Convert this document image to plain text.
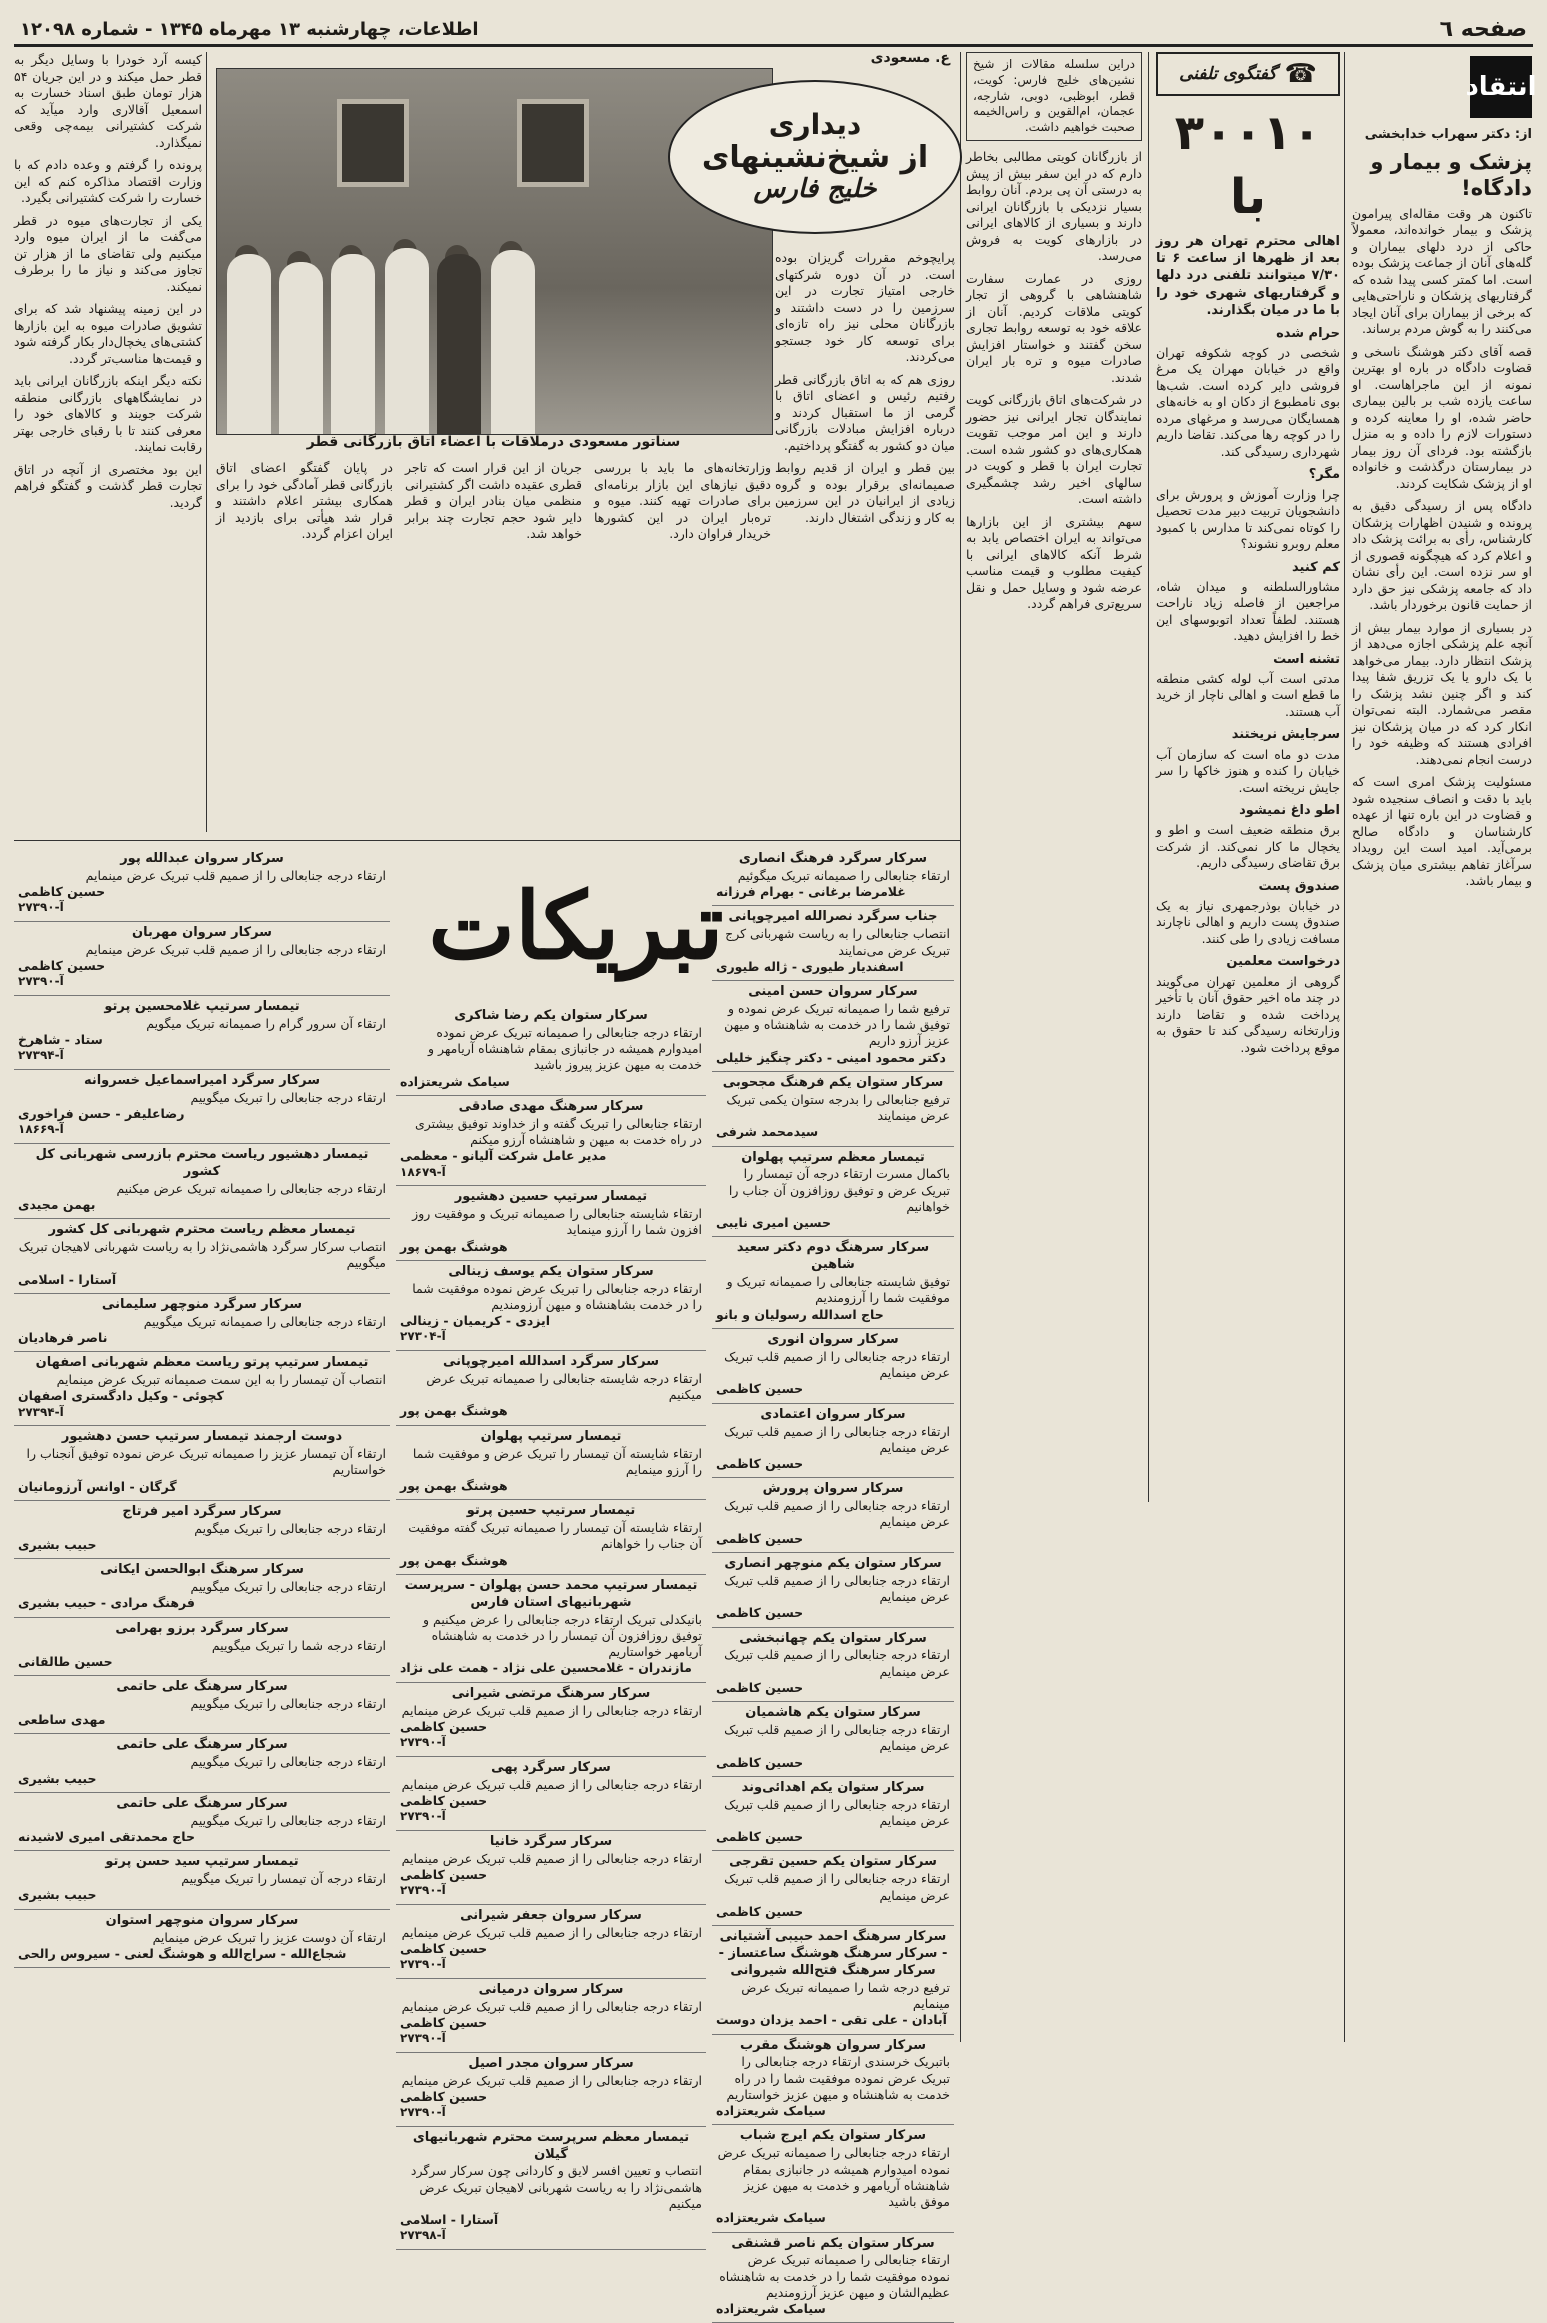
صفحه ٦
اطلاعات، چهارشنبه ۱۳ مهرماه ۱۳۴۵ - شماره ۱۲۰۹۸
انتقاد
از: دکتر سهراب خدابخشی
پزشک و بیمار و دادگاه!

تاکنون هر وقت مقاله‌ای پیرامون پزشک و بیمار خوانده‌اند، معمولاً حاکی از درد دلهای بیماران و گله‌های آنان از جماعت پزشک بوده است. اما کمتر کسی پیدا شده که گرفتاریهای پزشکان و ناراحتی‌هایی که برخی از بیماران برای آنان ایجاد می‌کنند را به گوش مردم برساند.

قصه آقای دکتر هوشنگ ناسخی و قضاوت دادگاه در باره او بهترین نمونه از این ماجراهاست. او ساعت یازده شب بر بالین بیماری حاضر شده، او را معاینه کرده و دستورات لازم را داده و به منزل بازگشته بود. فردای آن روز بیمار در بیمارستان درگذشت و خانواده او از پزشک شکایت کردند.

دادگاه پس از رسیدگی دقیق به پرونده و شنیدن اظهارات پزشکان کارشناس، رأی به برائت پزشک داد و اعلام کرد که هیچگونه قصوری از او سر نزده است. این رأی نشان داد که جامعه پزشکی نیز حق دارد از حمایت قانون برخوردار باشد.

در بسیاری از موارد بیمار بیش از آنچه علم پزشکی اجازه می‌دهد از پزشک انتظار دارد. بیمار می‌خواهد با یک دارو یا یک تزریق شفا پیدا کند و اگر چنین نشد پزشک را مقصر می‌شمارد. البته نمی‌توان انکار کرد که در میان پزشکان نیز افرادی هستند که وظیفه خود را درست انجام نمی‌دهند.

مسئولیت پزشک امری است که باید با دقت و انصاف سنجیده شود و قضاوت در این باره تنها از عهده کارشناسان و دادگاه صالح برمی‌آید. امید است این رویداد سرآغاز تفاهم بیشتری میان پزشک و بیمار باشد.

☎
گفتگوی تلفنی
۳۰۰۱۰ با

اهالی محترم تهران هر روز بعد از ظهرها از ساعت ۶ تا ۷/۳۰ میتوانند تلفنی درد دلها و گرفتاریهای شهری خود را با ما در میان بگذارند.

حرام شده

شخصی در کوچه شکوفه تهران واقع در خیابان مهران یک مرغ فروشی دایر کرده است. شب‌ها بوی نامطبوع از دکان او به خانه‌های همسایگان می‌رسد و مرغهای مرده را در کوچه رها می‌کند. تقاضا داریم شهرداری رسیدگی کند.

مگر؟

چرا وزارت آموزش و پرورش برای دانشجویان تربیت دبیر مدت تحصیل را کوتاه نمی‌کند تا مدارس با کمبود معلم روبرو نشوند؟

کم کنید

مشاورالسلطنه و میدان شاه، مراجعین از فاصله زیاد ناراحت هستند. لطفاً تعداد اتوبوسهای این خط را افزایش دهید.

تشنه است

مدتی است آب لوله کشی منطقه ما قطع است و اهالی ناچار از خرید آب هستند.

سرجایش نریختند

مدت دو ماه است که سازمان آب خیابان را کنده و هنوز خاکها را سر جایش نریخته است.

اطو داغ نمیشود

برق منطقه ضعیف است و اطو و یخچال ما کار نمی‌کند. از شرکت برق تقاضای رسیدگی داریم.

صندوق پست

در خیابان بوذرجمهری نیاز به یک صندوق پست داریم و اهالی ناچارند مسافت زیادی را طی کنند.

درخواست معلمین

گروهی از معلمین تهران می‌گویند در چند ماه اخیر حقوق آنان با تأخیر پرداخت شده و تقاضا دارند وزارتخانه رسیدگی کند تا حقوق به موقع پرداخت شود.

دراین سلسله مقالات از شیخ نشین‌های خلیج فارس: کویت، قطر، ابوظبی، دوبی، شارجه، عجمان، ام‌القوین و راس‌الخیمه صحبت خواهیم داشت.

از بازرگانان کویتی مطالبی بخاطر دارم که در این سفر بیش از پیش به درستی آن پی بردم. آنان روابط بسیار نزدیکی با بازرگانان ایرانی دارند و بسیاری از کالاهای ایرانی در بازارهای کویت به فروش می‌رسد.

روزی در عمارت سفارت شاهنشاهی با گروهی از تجار کویتی ملاقات کردیم. آنان از علاقه خود به توسعه روابط تجاری سخن گفتند و خواستار افزایش صادرات میوه و تره بار ایران شدند.

در شرکت‌های اتاق بازرگانی کویت نمایندگان تجار ایرانی نیز حضور دارند و این امر موجب تقویت همکاری‌های دو کشور شده است. تجارت ایران با قطر و کویت در سالهای اخیر رشد چشمگیری داشته است.

سهم بیشتری از این بازارها می‌تواند به ایران اختصاص یابد به شرط آنکه کالاهای ایرانی با کیفیت مطلوب و قیمت مناسب عرضه شود و وسایل حمل و نقل سریع‌تری فراهم گردد.

ع. مسعودی
دیداری
از شیخ‌نشینهای
خلیج فارس
سناتور مسعودی درملاقات با اعضاء اتاق بازرگانی قطر

پرایچوخم مقررات گریزان بوده است. در آن دوره شرکتهای خارجی امتیاز تجارت در این سرزمین را در دست داشتند و بازرگانان محلی نیز راه تازه‌ای برای توسعه کار خود جستجو می‌کردند.

روزی هم که به اتاق بازرگانی قطر رفتیم رئیس و اعضای اتاق با گرمی از ما استقبال کردند و درباره افزایش مبادلات بازرگانی میان دو کشور به گفتگو پرداختیم.

بین قطر و ایران از قدیم روابط صمیمانه‌ای برقرار بوده و گروه زیادی از ایرانیان در این سرزمین به کار و زندگی اشتغال دارند.

وزارتخانه‌های ما باید با بررسی دقیق نیازهای این بازار برنامه‌ای برای صادرات تهیه کنند. میوه و تره‌بار ایران در این کشورها خریدار فراوان دارد.

جریان از این قرار است که تاجر قطری عقیده داشت اگر کشتیرانی منظمی میان بنادر ایران و قطر دایر شود حجم تجارت چند برابر خواهد شد.

در پایان گفتگو اعضای اتاق بازرگانی قطر آمادگی خود را برای همکاری بیشتر اعلام داشتند و قرار شد هیأتی برای بازدید از ایران اعزام گردد.

کیسه آرد خودرا با وسایل دیگر به قطر حمل میکند و در این جریان ۵۴ هزار تومان طبق اسناد خسارت به اسمعیل آقالاری وارد میآید که شرکت کشتیرانی بیمه‌چی وقعی نمیگذارد.

پرونده را گرفتم و وعده دادم که با وزارت اقتصاد مذاکره کنم که این خسارت را شرکت کشتیرانی بگیرد.

یکی از تجارت‌های میوه در قطر می‌گفت ما از ایران میوه وارد میکنیم ولی تقاضای ما از هزار تن تجاوز می‌کند و نیاز ما را برطرف نمیکند.

در این زمینه پیشنهاد شد که برای تشویق صادرات میوه به این بازارها کشتی‌های یخچال‌دار بکار گرفته شود و قیمت‌ها مناسب‌تر گردد.

نکته دیگر اینکه بازرگانان ایرانی باید در نمایشگاههای بازرگانی منطقه شرکت جویند و کالاهای خود را معرفی کنند تا با رقبای خارجی بهتر رقابت نمایند.

این بود مختصری از آنچه در اتاق تجارت قطر گذشت و گفتگو فراهم گردید.

تبریکات
سرکار سرگرد فرهنگ انصاری
ارتقاء جنابعالی را صمیمانه تبریک میگوئیم
غلامرضا برغانی - بهرام فرزانه
جناب سرگرد نصرالله امیرچوپانی
انتصاب جنابعالی را به ریاست شهربانی کرج تبریک عرض می‌نمایند
اسفندیار طیوری - ژاله طیوری
سرکار سروان حسن امینی
ترفیع شما را صمیمانه تبریک عرض نموده و توفیق شما را در خدمت به شاهنشاه و میهن عزیز آرزو داریم
دکتر محمود امینی - دکتر چنگیز خلیلی
سرکار ستوان یکم فرهنگ مجحوبی
ترفیع جنابعالی را بدرجه ستوان یکمی تبریک عرض مینمایند
سیدمحمد شرفی
تیمسار معظم سرتیپ پهلوان
باکمال مسرت ارتقاء درجه آن تیمسار را تبریک عرض و توفیق روزافزون آن جناب را خواهانیم
حسین امیری نایبی
سرکار سرهنگ دوم دکتر سعید شاهین
توفیق شایسته جنابعالی را صمیمانه تبریک و موفقیت شما را آرزومندیم
حاج اسدالله رسولیان و بانو
سرکار سروان انوری
ارتقاء درجه جنابعالی را از صمیم قلب تبریک عرض مینمایم
حسین کاظمی
سرکار سروان اعتمادی
ارتقاء درجه جنابعالی را از صمیم قلب تبریک عرض مینمایم
حسین کاظمی
سرکار سروان پرورش
ارتقاء درجه جنابعالی را از صمیم قلب تبریک عرض مینمایم
حسین کاظمی
سرکار ستوان یکم منوچهر انصاری
ارتقاء درجه جنابعالی را از صمیم قلب تبریک عرض مینمایم
حسین کاظمی
سرکار ستوان یکم چهانبخشی
ارتقاء درجه جنابعالی را از صمیم قلب تبریک عرض مینمایم
حسین کاظمی
سرکار ستوان یکم هاشمیان
ارتقاء درجه جنابعالی را از صمیم قلب تبریک عرض مینمایم
حسین کاظمی
سرکار ستوان یکم اهدائی‌وند
ارتقاء درجه جنابعالی را از صمیم قلب تبریک عرض مینمایم
حسین کاظمی
سرکار ستوان یکم حسین تقرجی
ارتقاء درجه جنابعالی را از صمیم قلب تبریک عرض مینمایم
حسین کاظمی
سرکار سرهنگ احمد حبیبی آشتیانی - سرکار سرهنگ هوشنگ ساعتساز - سرکار سرهنگ فتح‌الله شیروانی
ترفیع درجه شما را صمیمانه تبریک عرض مینمایم
آبادان - علی تقی - احمد یزدان دوست
سرکار سروان هوشنگ مقرب
باتبریک خرسندی ارتقاء درجه جنابعالی را تبریک عرض نموده موفقیت شما را در راه خدمت به شاهنشاه و میهن عزیز خواستاریم
سیامک شریعتزاده
سرکار ستوان یکم ایرج شباب
ارتقاء درجه جنابعالی را صمیمانه تبریک عرض نموده امیدوارم همیشه در جانبازی بمقام شاهنشاه آریامهر و خدمت به میهن عزیز موفق باشید
سیامک شریعتزاده
سرکار ستوان یکم ناصر قشنقی
ارتقاء جنابعالی را صمیمانه تبریک عرض نموده موفقیت شما را در خدمت به شاهنشاه عظیم‌الشان و میهن عزیز آرزومندیم
سیامک شریعتزاده
سرکار ستوان یکم رضا شاکری
ارتقاء درجه جنابعالی را صمیمانه تبریک عرض نموده امیدوارم همیشه در جانبازی بمقام شاهنشاه آریامهر و خدمت به میهن عزیز پیروز باشید
سیامک شریعتزاده
سرکار سرهنگ مهدی صادقی
ارتقاء جنابعالی را تبریک گفته و از خداوند توفیق بیشتری در راه خدمت به میهن و شاهنشاه آرزو میکنم
مدیر عامل شرکت آلیانو - معظمی
آ-۱۸۶۷۹
تیمسار سرتیپ حسین دهشیور
ارتقاء شایسته جنابعالی را صمیمانه تبریک و موفقیت روز افزون شما را آرزو مینماید
هوشنگ بهمن پور
سرکار ستوان یکم یوسف زینالی
ارتقاء درجه جنابعالی را تبریک عرض نموده موفقیت شما را در خدمت بشاهنشاه و میهن آرزومندیم
ایزدی - کریمیان - زینالی
آ-۲۷۳۰۴
سرکار سرگرد اسدالله امیرچوپانی
ارتقاء درجه شایسته جنابعالی را صمیمانه تبریک عرض میکنیم
هوشنگ بهمن پور
تیمسار سرتیپ پهلوان
ارتقاء شایسته آن تیمسار را تبریک عرض و موفقیت شما را آرزو مینمایم
هوشنگ بهمن پور
تیمسار سرتیپ حسین پرتو
ارتقاء شایسته آن تیمسار را صمیمانه تبریک گفته موفقیت آن جناب را خواهانم
هوشنگ بهمن پور
تیمسار سرتیپ محمد حسن پهلوان - سرپرست شهربانیهای استان فارس
بانیکدلی تبریک ارتقاء درجه جنابعالی را عرض میکنیم و توفیق روزافزون آن تیمسار را در خدمت به شاهنشاه آریامهر خواستاریم
مازندران - غلامحسین علی نژاد - همت علی نژاد
سرکار سرهنگ مرتضی شیرانی
ارتقاء درجه جنابعالی را از صمیم قلب تبریک عرض مینمایم
حسین کاظمی
آ-۲۷۳۹۰
سرکار سرگرد پهی
ارتقاء درجه جنابعالی را از صمیم قلب تبریک عرض مینمایم
حسین کاظمی
آ-۲۷۳۹۰
سرکار سرگرد خانیا
ارتقاء درجه جنابعالی را از صمیم قلب تبریک عرض مینمایم
حسین کاظمی
آ-۲۷۳۹۰
سرکار سروان جعفر شیرانی
ارتقاء درجه جنابعالی را از صمیم قلب تبریک عرض مینمایم
حسین کاظمی
آ-۲۷۳۹۰
سرکار سروان درمیانی
ارتقاء درجه جنابعالی را از صمیم قلب تبریک عرض مینمایم
حسین کاظمی
آ-۲۷۳۹۰
سرکار سروان مجدر اصیل
ارتقاء درجه جنابعالی را از صمیم قلب تبریک عرض مینمایم
حسین کاظمی
آ-۲۷۳۹۰
تیمسار معظم سرپرست محترم شهربانیهای گیلان
انتصاب و تعیین افسر لایق و کاردانی چون سرکار سرگرد هاشمی‌نژاد را به ریاست شهربانی لاهیجان تبریک عرض میکنیم
آستارا - اسلامی
آ-۲۷۳۹۸
سرکار سروان عبدالله پور
ارتقاء درجه جنابعالی را از صمیم قلب تبریک عرض مینمایم
حسین کاظمی
آ-۲۷۳۹۰
سرکار سروان مهربان
ارتقاء درجه جنابعالی را از صمیم قلب تبریک عرض مینمایم
حسین کاظمی
آ-۲۷۳۹۰
تیمسار سرتیپ غلامحسین پرتو
ارتقاء آن سرور گرام را صمیمانه تبریک میگویم
ستاد - شاهرخ
آ-۲۷۳۹۴
سرکار سرگرد امیراسماعیل خسروانه
ارتقاء درجه جنابعالی را تبریک میگوییم
رضاعلیفر - حسن فراخوری
آ-۱۸۶۶۹
تیمسار دهشیور ریاست محترم بازرسی شهربانی کل کشور
ارتقاء درجه جنابعالی را صمیمانه تبریک عرض میکنیم
بهمن مجیدی
تیمسار معظم ریاست محترم شهربانی کل کشور
انتصاب سرکار سرگرد هاشمی‌نژاد را به ریاست شهربانی لاهیجان تبریک میگوییم
آستارا - اسلامی
سرکار سرگرد منوچهر سلیمانی
ارتقاء درجه جنابعالی را صمیمانه تبریک میگوییم
ناصر فرهادیان
تیمسار سرتیپ پرتو ریاست معظم شهربانی اصفهان
انتصاب آن تیمسار را به این سمت صمیمانه تبریک عرض مینمایم
کچوئی - وکیل دادگستری اصفهان
آ-۲۷۳۹۴
دوست ارجمند تیمسار سرتیپ حسن دهشیور
ارتقاء آن تیمسار عزیز را صمیمانه تبریک عرض نموده توفیق آنجناب را خواستاریم
گرگان - اوانس آرزومانیان
سرکار سرگرد امیر فرتاج
ارتقاء درجه جنابعالی را تبریک میگویم
حبیب بشیری
سرکار سرهنگ ابوالحسن ایکانی
ارتقاء درجه جنابعالی را تبریک میگوییم
فرهنگ مرادی - حبیب بشیری
سرکار سرگرد برزو بهرامی
ارتقاء درجه شما را تبریک میگوییم
حسین طالقانی
سرکار سرهنگ علی حاتمی
ارتقاء درجه جنابعالی را تبریک میگوییم
مهدی ساطعی
سرکار سرهنگ علی حاتمی
ارتقاء درجه جنابعالی را تبریک میگوییم
حبیب بشیری
سرکار سرهنگ علی حاتمی
ارتقاء درجه جنابعالی را تبریک میگوییم
حاج محمدتقی امیری لاشیدنه
تیمسار سرتیپ سید حسن پرتو
ارتقاء درجه آن تیمسار را تبریک میگوییم
حبیب بشیری
سرکار سروان منوچهر استوان
ارتقاء آن دوست عزیز را تبریک عرض مینمایم
شجاع‌الله - سراج‌الله و هوشنگ لعنی - سیروس رالحی
